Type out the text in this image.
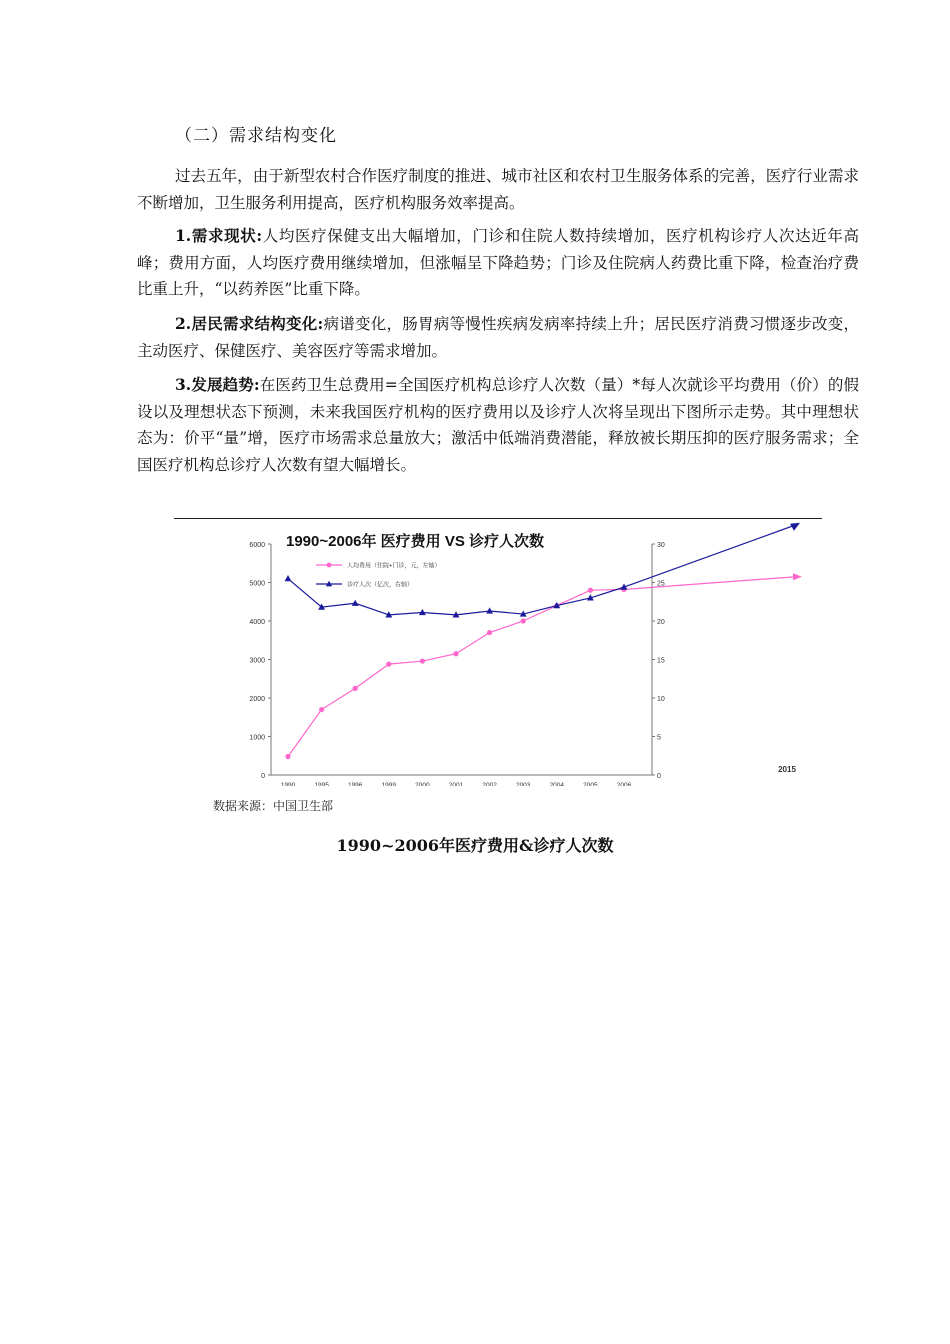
（二）需求结构变化

过去五年，由于新型农村合作医疗制度的推进、城市社区和农村卫生服务体系的完善，医疗行业需求不断增加，卫生服务利用提高，医疗机构服务效率提高。

1.需求现状:人均医疗保健支出大幅增加，门诊和住院人数持续增加，医疗机构诊疗人次达近年高峰；费用方面，人均医疗费用继续增加，但涨幅呈下降趋势；门诊及住院病人药费比重下降，检查治疗费比重上升，“以药养医”比重下降。

2.居民需求结构变化:病谱变化，肠胃病等慢性疾病发病率持续上升；居民医疗消费习惯逐步改变，主动医疗、保健医疗、美容医疗等需求增加。

3.发展趋势:在医药卫生总费用=全国医疗机构总诊疗人次数（量）*每人次就诊平均费用（价）的假设以及理想状态下预测，未来我国医疗机构的医疗费用以及诊疗人次将呈现出下图所示走势。其中理想状态为：价平“量”增，医疗市场需求总量放大；激活中低端消费潜能，释放被长期压抑的医疗服务需求；全国医疗机构总诊疗人次数有望大幅增长。

0
1000
2000
3000
4000
5000
6000
0
5
10
15
20
25
30
1990	1995	1996	1999	2000	2001	2002	2003	2004	2005	2006
2015
1990~2006年 医疗费用 VS 诊疗人次数
人均费用（住院+门诊，元，左轴）
诊疗人次（亿次，右轴）
数据来源：中国卫生部
1990~2006年医疗费用&诊疗人次数
